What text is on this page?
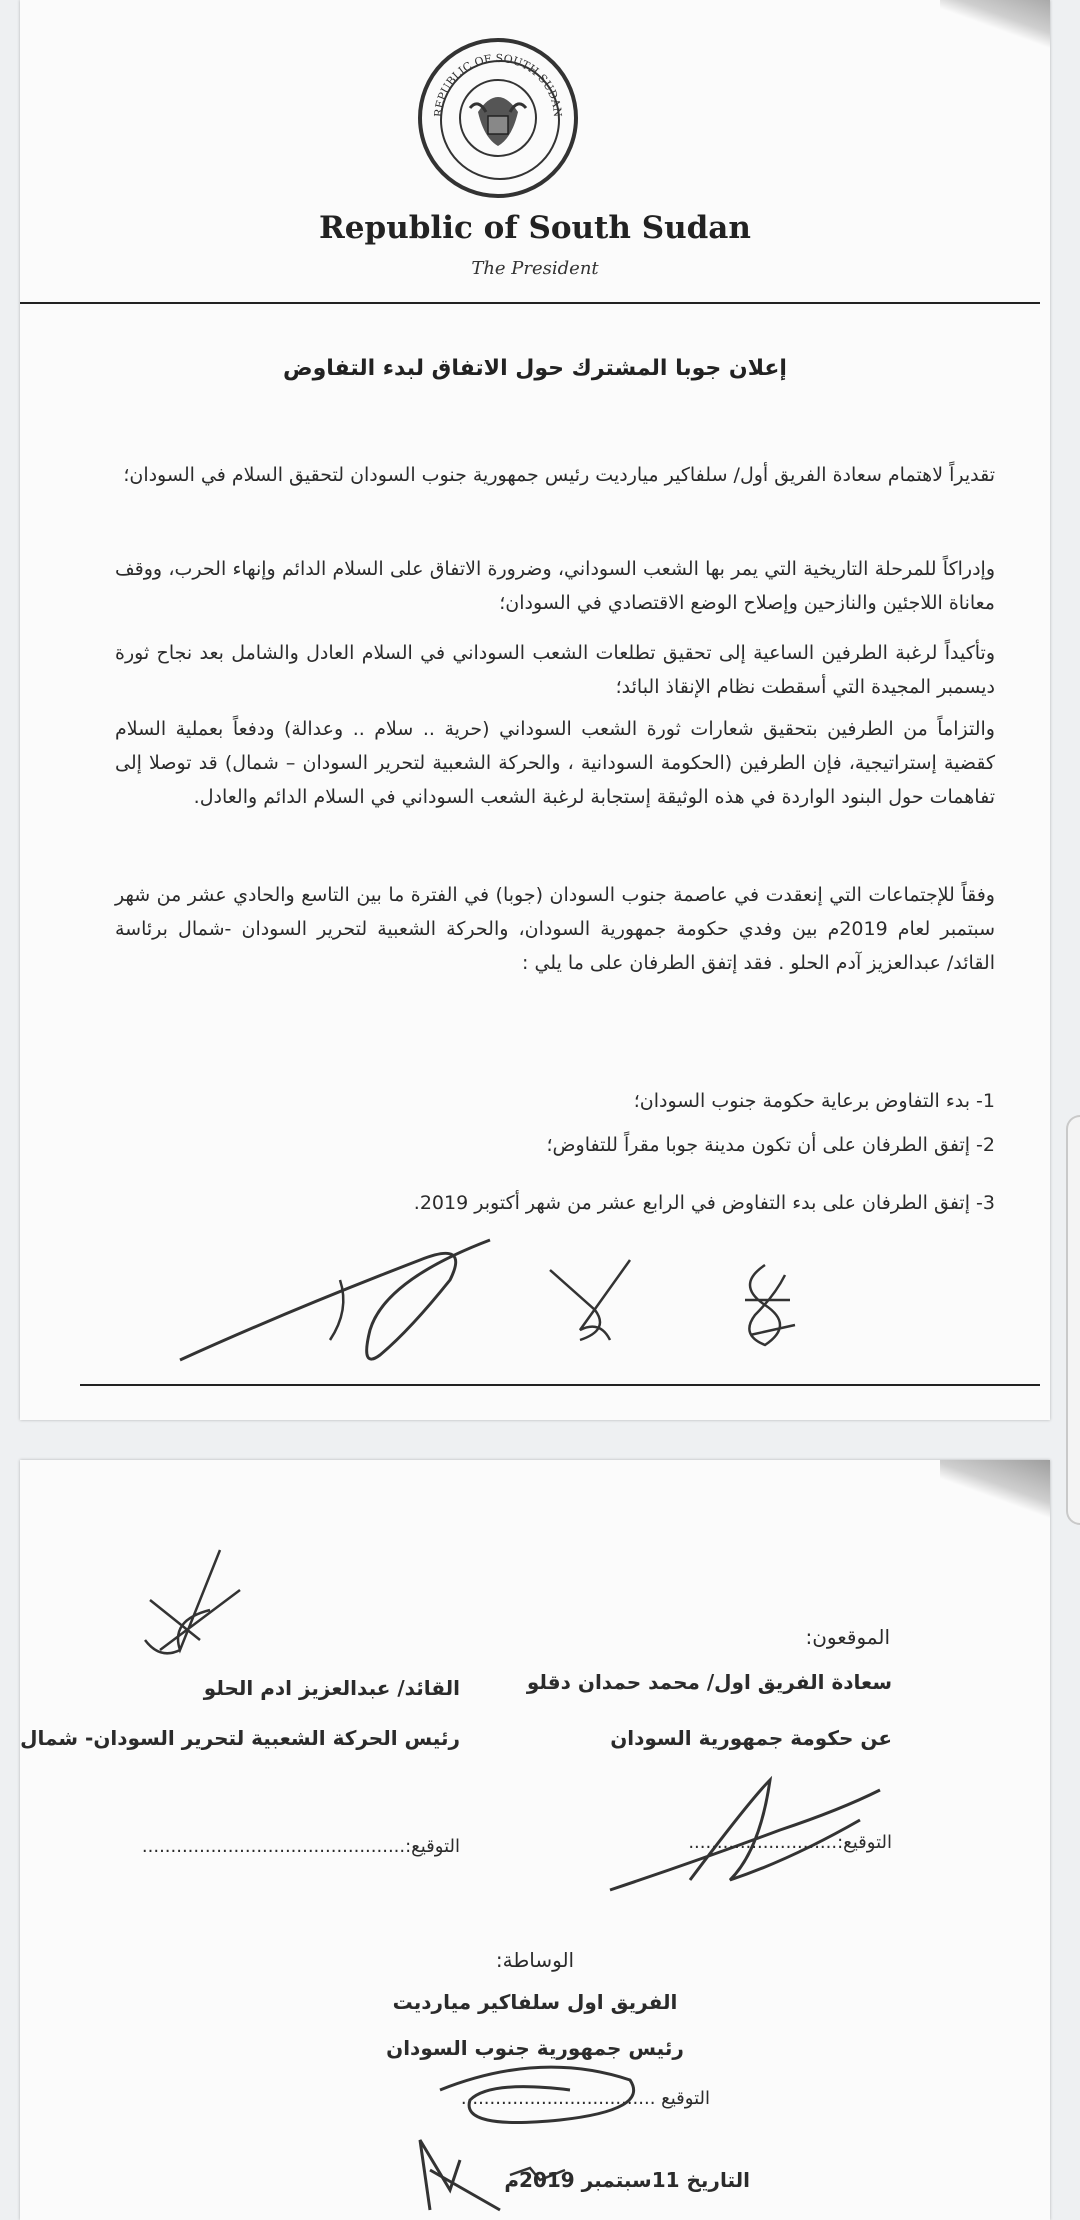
REPUBLIC OF SOUTH SUDAN
Republic of South Sudan
The President
إعلان جوبا المشترك حول الاتفاق لبدء التفاوض
تقديراً لاهتمام سعادة الفريق أول/ سلفاكير ميارديت رئيس جمهورية جنوب السودان لتحقيق السلام في السودان؛
وإدراكاً للمرحلة التاريخية التي يمر بها الشعب السوداني، وضرورة الاتفاق على السلام الدائم وإنهاء الحرب، ووقف معاناة اللاجئين والنازحين وإصلاح الوضع الاقتصادي في السودان؛
وتأكيداً لرغبة الطرفين الساعية إلى تحقيق تطلعات الشعب السوداني في السلام العادل والشامل بعد نجاح ثورة ديسمبر المجيدة التي أسقطت نظام الإنقاذ البائد؛
والتزاماً من الطرفين بتحقيق شعارات ثورة الشعب السوداني (حرية .. سلام .. وعدالة) ودفعاً بعملية السلام كقضية إستراتيجية، فإن الطرفين (الحكومة السودانية ، والحركة الشعبية لتحرير السودان – شمال) قد توصلا إلى تفاهمات حول البنود الواردة في هذه الوثيقة إستجابة لرغبة الشعب السوداني في السلام الدائم والعادل.
وفقاً للإجتماعات التي إنعقدت في عاصمة جنوب السودان (جوبا) في الفترة ما بين التاسع والحادي عشر من شهر سبتمبر لعام 2019م بين وفدي حكومة جمهورية السودان، والحركة الشعبية لتحرير السودان -شمال برئاسة القائد/ عبدالعزيز آدم الحلو . فقد إتفق الطرفان على ما يلي :
1- بدء التفاوض برعاية حكومة جنوب السودان؛
2- إتفق الطرفان على أن تكون مدينة جوبا مقراً للتفاوض؛
3- إتفق الطرفان على بدء التفاوض في الرابع عشر من شهر أكتوبر 2019.
الموقعون:
سعادة الفريق اول/ محمد حمدان دقلو
عن حكومة جمهورية السودان
القائد/ عبدالعزيز ادم الحلو
رئيس الحركة الشعبية لتحرير السودان- شمال
التوقيع:..........................
التوقيع:..............................................
الوساطة:
الفريق اول سلفاكير ميارديت
رئيس جمهورية جنوب السودان
التوقيع ..................................
التاريخ 11سبتمبر 2019م
